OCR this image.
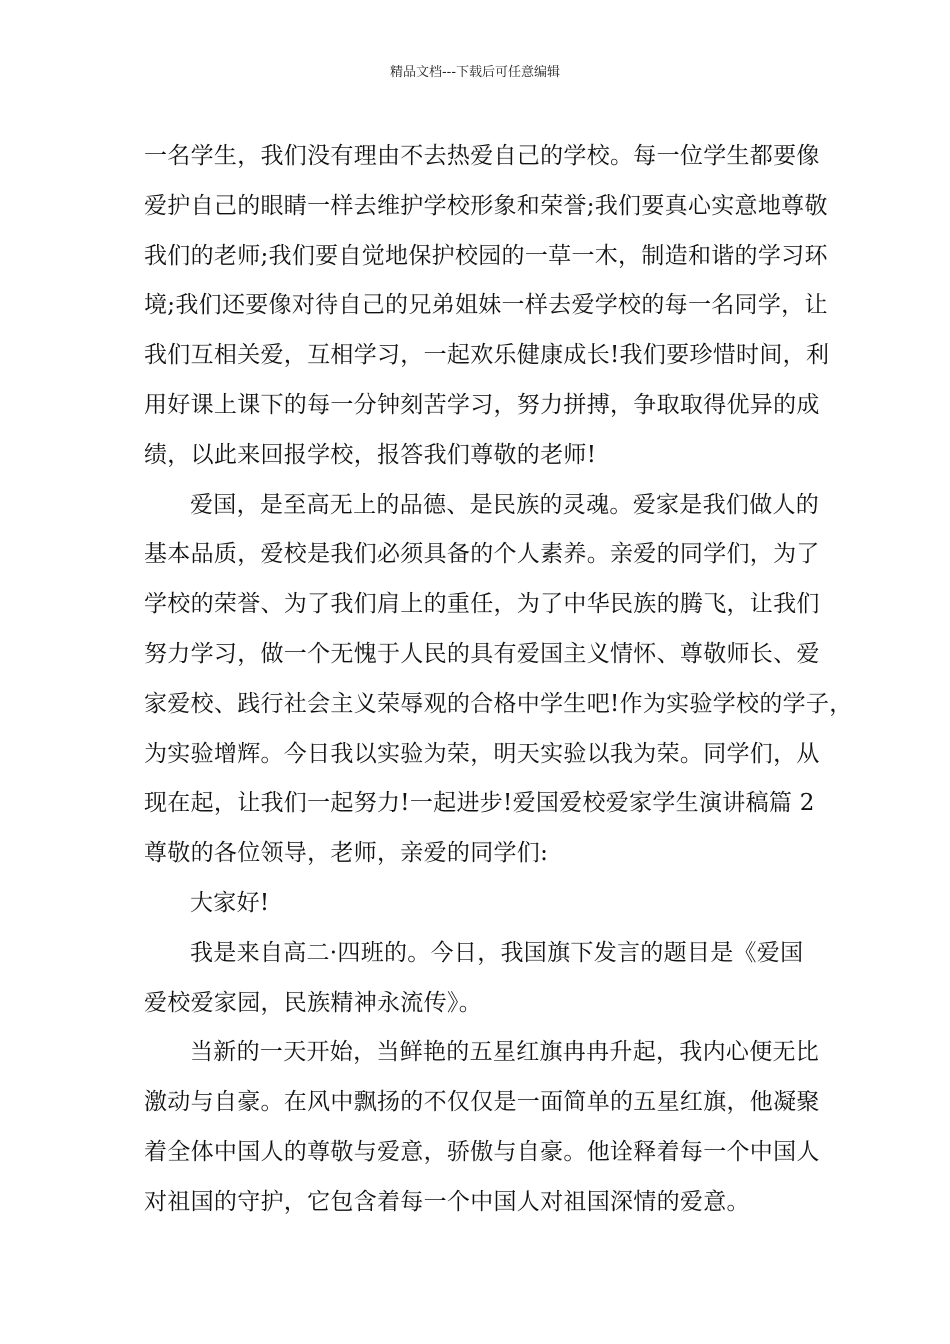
精品文档---下载后可任意编辑
一名学生，我们没有理由不去热爱自己的学校。每一位学生都要像
爱护自己的眼睛一样去维护学校形象和荣誉;我们要真心实意地尊敬
我们的老师;我们要自觉地保护校园的一草一木，制造和谐的学习环
境;我们还要像对待自己的兄弟姐妹一样去爱学校的每一名同学，让
我们互相关爱，互相学习，一起欢乐健康成长!我们要珍惜时间，利
用好课上课下的每一分钟刻苦学习，努力拼搏，争取取得优异的成
绩，以此来回报学校，报答我们尊敬的老师!
爱国，是至高无上的品德、是民族的灵魂。爱家是我们做人的
基本品质，爱校是我们必须具备的个人素养。亲爱的同学们，为了
学校的荣誉、为了我们肩上的重任，为了中华民族的腾飞，让我们
努力学习，做一个无愧于人民的具有爱国主义情怀、尊敬师长、爱
家爱校、践行社会主义荣辱观的合格中学生吧!作为实验学校的学子，
为实验增辉。今日我以实验为荣，明天实验以我为荣。同学们，从
现在起，让我们一起努力!一起进步!爱国爱校爱家学生演讲稿篇 2
尊敬的各位领导，老师，亲爱的同学们:
大家好!
我是来自高二·四班的。今日，我国旗下发言的题目是《爱国
爱校爱家园，民族精神永流传》。
当新的一天开始，当鲜艳的五星红旗冉冉升起，我内心便无比
激动与自豪。在风中飘扬的不仅仅是一面简单的五星红旗，他凝聚
着全体中国人的尊敬与爱意，骄傲与自豪。他诠释着每一个中国人
对祖国的守护，它包含着每一个中国人对祖国深情的爱意。
